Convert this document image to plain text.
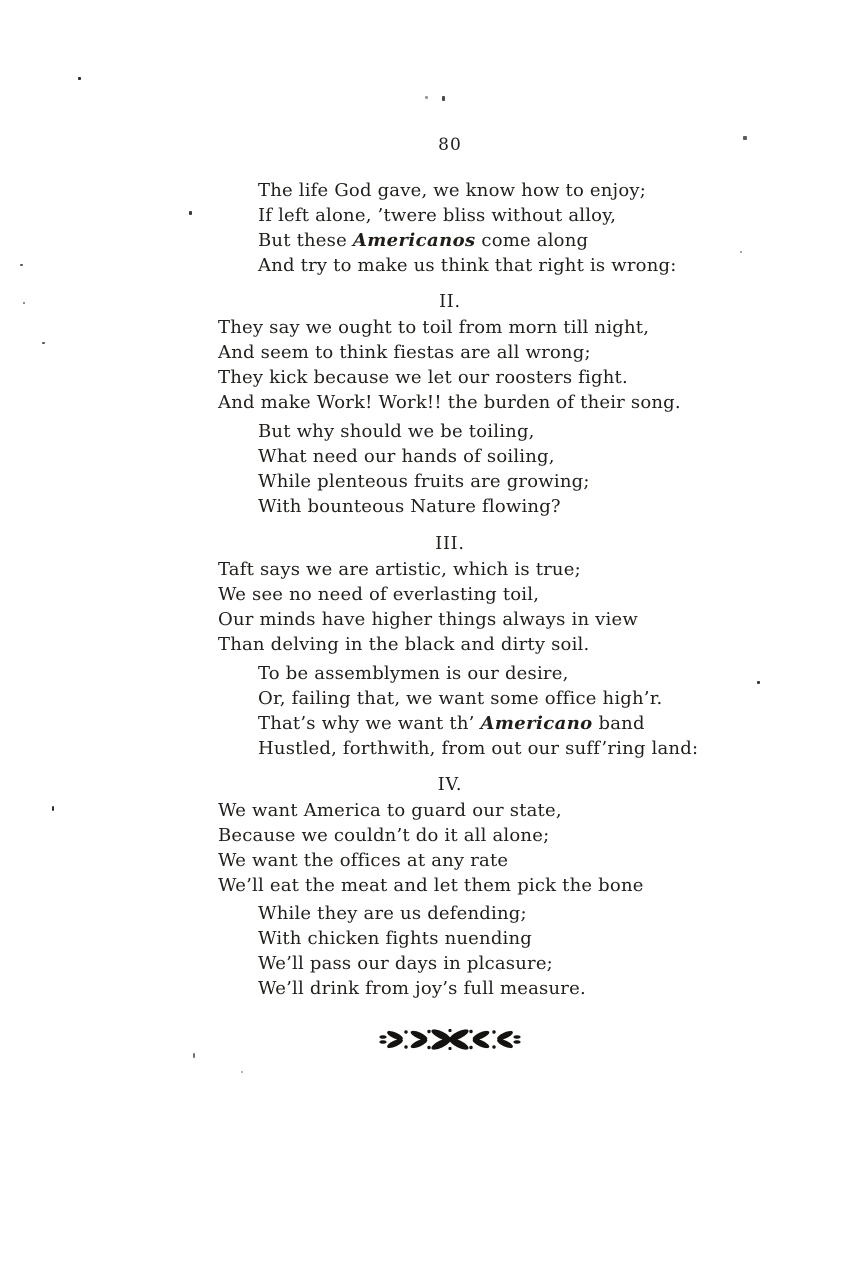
80
The life God gave, we know how to enjoy;
If left alone, ’twere bliss without alloy,
But these Americanos come along
And try to make us think that right is wrong:
II.
They say we ought to toil from morn till night,
And seem to think fiestas are all wrong;
They kick because we let our roosters fight.
And make Work! Work!! the burden of their song.
But why should we be toiling,
What need our hands of soiling,
While plenteous fruits are growing;
With bounteous Nature flowing?
III.
Taft says we are artistic, which is true;
We see no need of everlasting toil,
Our minds have higher things always in view
Than delving in the black and dirty soil.
To be assemblymen is our desire,
Or, failing that, we want some office high’r.
That’s why we want th’ Americano band
Hustled, forthwith, from out our suff’ring land:
IV.
We want America to guard our state,
Because we couldn’t do it all alone;
We want the offices at any rate
We’ll eat the meat and let them pick the bone
While they are us defending;
With chicken fights nuending
We’ll pass our days in plcasure;
We’ll drink from joy’s full measure.
